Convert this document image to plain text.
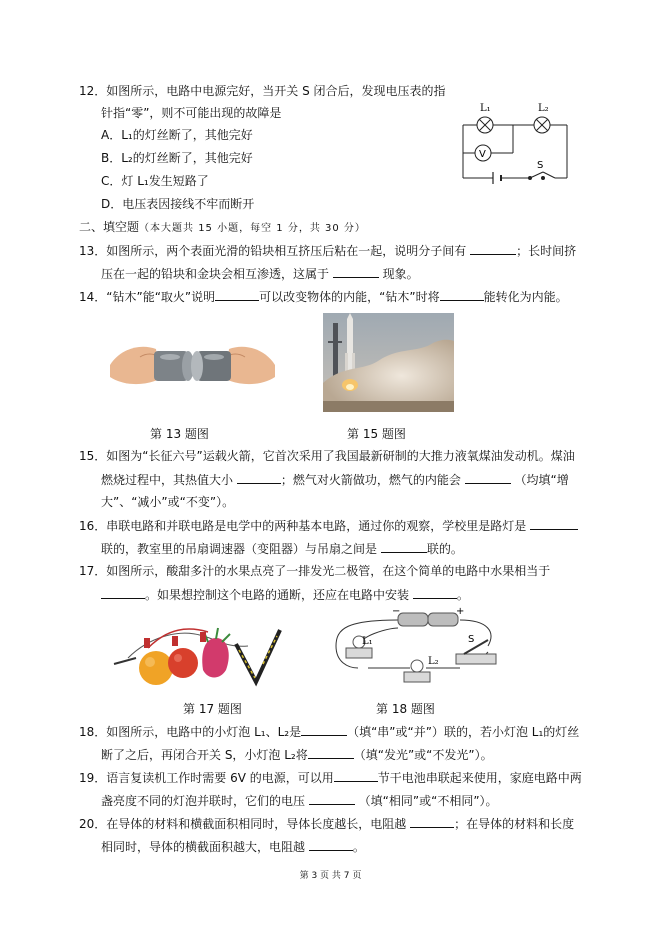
12．如图所示，电路中电源完好，当开关 S 闭合后，发现电压表的指
针指“零”，则不可能出现的故障是
A．L₁的灯丝断了，其他完好
B．L₂的灯丝断了，其他完好
C．灯 L₁发生短路了
D．电压表因接线不牢而断开
L₁	L₂
V
S
二、填空题（本大题共 15 小题，每空 1 分，共 30 分）
13．如图所示，两个表面光滑的铅块相互挤压后粘在一起，说明分子间有	；长时间挤
压在一起的铅块和金块会相互渗透，这属于	现象。
14．“钻木”能“取火”说明	可以改变物体的内能，“钻木”时将	能转化为内能。
第 13 题图	第 15 题图
15．如图为“长征六号”运载火箭，它首次采用了我国最新研制的大推力液氧煤油发动机。煤油
燃烧过程中，其热值大小	；燃气对火箭做功，燃气的内能会	（均填“增
大”、“减小”或“不变”）。
16．串联电路和并联电路是电学中的两种基本电路，通过你的观察，学校里是路灯是
联的，教室里的吊扇调速器（变阻器）与吊扇之间是	联的。
17．如图所示，酸甜多汁的水果点亮了一排发光二极管，在这个简单的电路中水果相当于
。如果想控制这个电路的通断，还应在电路中安装	。
−	+
L₁
L₂
S
第 17 题图	第 18 题图
18．如图所示，电路中的小灯泡 L₁、L₂是	（填“串”或“并”）联的，若小灯泡 L₁的灯丝
断了之后，再闭合开关 S，小灯泡 L₂将	（填“发光”或“不发光”）。
19．语言复读机工作时需要 6V 的电源，可以用	节干电池串联起来使用，家庭电路中两
盏亮度不同的灯泡并联时，它们的电压	（填“相同”或“不相同”）。
20．在导体的材料和横截面积相同时，导体长度越长，电阻越	；在导体的材料和长度
相同时，导体的横截面积越大，电阻越	。
第 3 页 共 7 页
